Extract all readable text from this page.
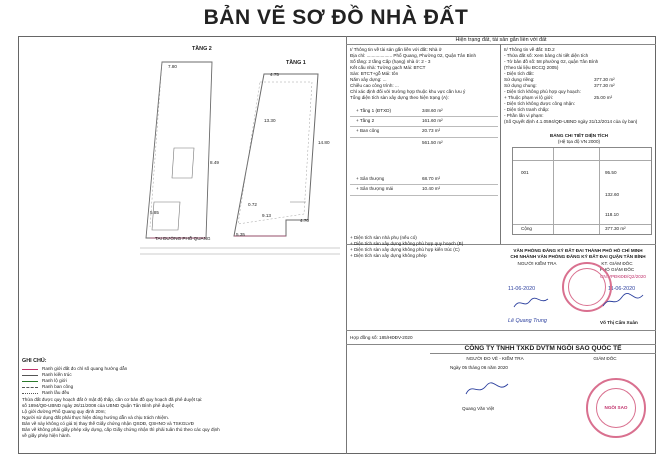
BẢN VẼ SƠ ĐỒ NHÀ ĐẤT
Hiện trạng đất, tài sản gắn liền với đất
TẦNG 2
TẦNG 1
TAI ĐƯỜNG PHỔ QUANG
7.80
8.49
5.85
13.30
14.80
4.75
4.70
9.13
0.72
5.35
GHI CHÚ:
Ranh giới đất đo chỉ số quang hướng dẫn
Ranh kiến trúc
Ranh lộ giới
Ranh ban công
Ranh lầu đều
Thửa đất được quy hoạch đất ở mật độ thấp, cần cơ bản đồ quy hoạch đã phê duyệt tại:
số 1894/QĐ-UBND ngày 26/11/2008 của UBND Quận Tân Bình phê duyệt;
Lộ giới đường Phổ Quang quy định 20m;
Người sử dụng đất phải thực hiện đúng hướng dẫn và chịu trách nhiệm.
Bản vẽ này không có giá trị thay thế Giấy chứng nhận QSDĐ, QSHNO và TSKGLVĐ
Bản vẽ không phải giấy phép xây dựng, cấp Giấy chứng nhận thì phải tuân thủ theo các quy định
về giấy phép hiện hành.
I/ Thông tin về tài sản gắn liền với đất: Nhà ở
Địa chỉ: .................... Phổ Quang, Phường 02, Quận Tân Bình
Số tầng: 2 tầng Cấp (hạng) nhà ở: 2 - 3
Kết cấu nhà: Tường gạch Mái: BTCT
Sàn: BTCT+gỗ Mái: tôn
Năm xây dựng: ...
Chiều cao công trình: ...
Chỉ xác định đối với trường hợp thuộc khu vực cần lưu ý
Tổng diện tích sàn xây dựng theo hiện trạng (A):
+ Tầng 1 (ĐTXD)	348.60 m²
+ Tầng 2	161.60 m²
+ Ban công	20.73 m²
561.50 m²
+ Sân thượng	68.70 m²
+ Sân thượng mái	10.40 m²
+ Diện tích sàn nhà phụ (nếu có)
+ Diện tích sàn xây dựng không phù hợp quy hoạch (B)
+ Diện tích sàn xây dựng không phù hợp kiến trúc (C)
+ Diện tích sàn xây dựng không phép
II/ Thông tin về đất: SD.2
- Thửa đất số: Xem bảng chi tiết diện tích
- Tờ bản đồ số: 58 phường 02, quận Tân Bình
(Theo tài liệu ĐCCQ 2005)
- Diện tích đất:
Sử dụng riêng:	377.30 m²
Sử dụng chung:	377.30 m²
- Diện tích không phù hợp quy hoạch:
+ Thuộc phạm vi lộ giới:	25.00 m²
- Diện tích không được công nhận:
- Diện tích tranh chấp:
- Phần lấn vi phạm:
(Số Quyết định 4.1.0594/QĐ-UBND ngày 31/12/2014 của ủy ban)
BẢNG CHI TIẾT DIỆN TÍCH
(Hệ tọa độ VN 2000)
001	95.50
132.60
118.10
Cộng	377.30 m²
VĂN PHÒNG ĐĂNG KÝ ĐẤT ĐAI THÀNH PHỐ HỒ CHÍ MINH
CHI NHÁNH VĂN PHÒNG ĐĂNG KÝ ĐẤT ĐAI QUẬN TÂN BÌNH
NGƯỜI KIỂM TRA	KT. GIÁM ĐỐC
PHÓ GIÁM ĐỐC
CN.VPĐKĐĐ/Q2/2020
11-06-2020	11-06-2020
Lê Quang Trung	Võ Thị Cẩm Xuân
Hợp đồng số: 185/HĐĐV-2020
CÔNG TY TNHH TXKD DVTM NGÔI SAO QUỐC TẾ
NGƯỜI ĐO VẼ - KIỂM TRA	GIÁM ĐỐC
Ngày 05 tháng 06 năm 2020
Quang Văn Việt	NGÔI SAO
